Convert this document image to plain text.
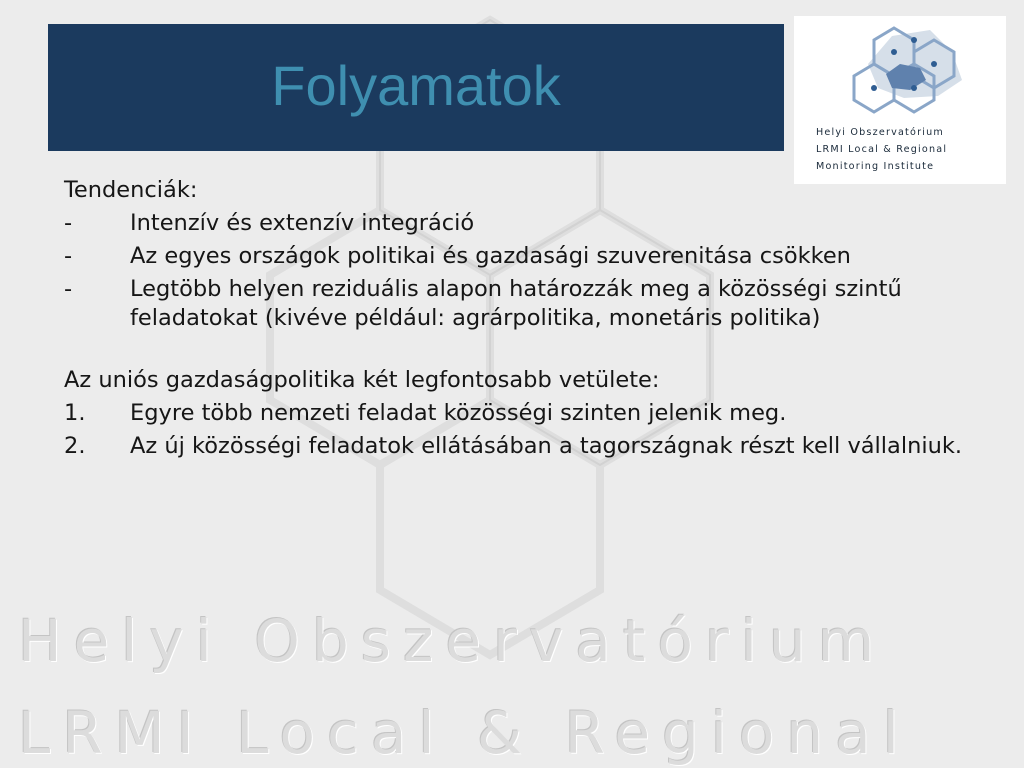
Helyi Obszervatórium
LRMI Local & Regional
Folyamatok
Helyi Obszervatórium
LRMI Local & Regional
Monitoring Institute

Tendenciák:

-	Intenzív és extenzív integráció
-	Az egyes országok politikai és gazdasági szuverenitása csökken
-	Legtöbb helyen reziduális alapon határozzák meg a közösségi szintű feladatokat (kivéve például: agrárpolitika, monetáris politika)

Az uniós gazdaságpolitika két legfontosabb vetülete:

1.	Egyre több nemzeti feladat közösségi szinten jelenik meg.
2.	Az új közösségi feladatok ellátásában a tagországnak részt kell vállalniuk.
